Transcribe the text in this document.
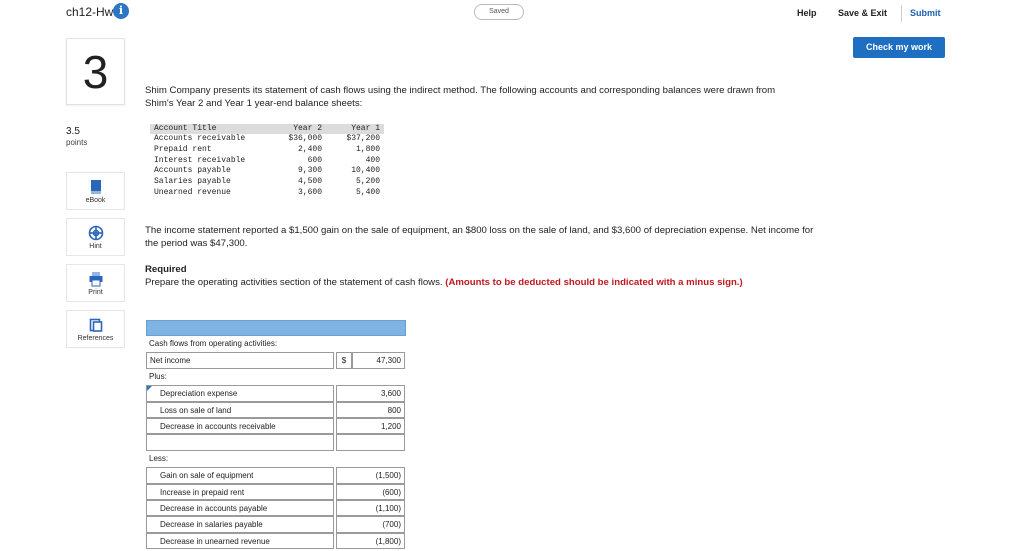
ch12-Hw i	Saved	Help Save & Exit	Submit
Check my work
3
3.5
points
eBook
Hint
Print
References
Shim Company presents its statement of cash flows using the indirect method. The following accounts and corresponding balances were drawn from Shim's Year 2 and Year 1 year-end balance sheets:
Account Title	Year 2	Year 1
Accounts receivable	$36,000	$37,200
Prepaid rent	2,400	1,800
Interest receivable	600	400
Accounts payable	9,300	10,400
Salaries payable	4,500	5,200
Unearned revenue	3,600	5,400
The income statement reported a $1,500 gain on the sale of equipment, an $800 loss on the sale of land, and $3,600 of depreciation expense. Net income for the period was $47,300.
Required
Prepare the operating activities section of the statement of cash flows. (Amounts to be deducted should be indicated with a minus sign.)
Cash flows from operating activities:
Net income	$	47,300
Plus:
Depreciation expense	3,600
Loss on sale of land	800
Decrease in accounts receivable	1,200
Less:
Gain on sale of equipment	(1,500)
Increase in prepaid rent	(600)
Decrease in accounts payable	(1,100)
Decrease in salaries payable	(700)
Decrease in unearned revenue	(1,800)
